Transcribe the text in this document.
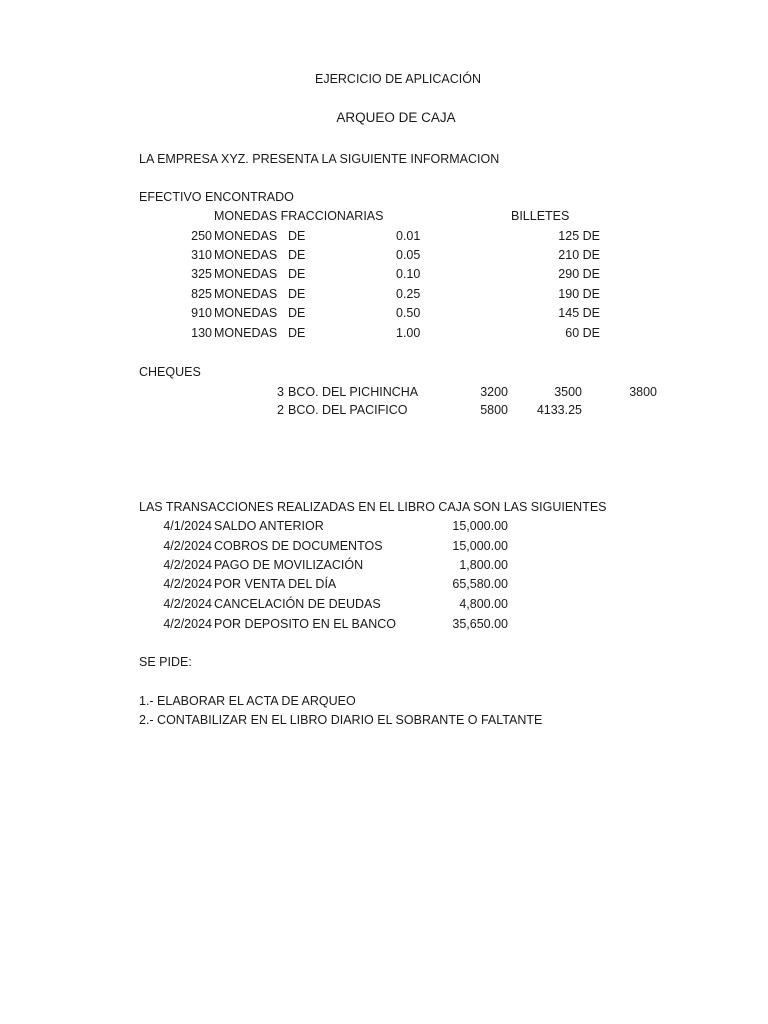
EJERCICIO DE APLICACIÓN
ARQUEO DE CAJA
LA EMPRESA XYZ. PRESENTA LA SIGUIENTE INFORMACION
EFECTIVO ENCONTRADO
MONEDAS FRACCIONARIAS	BILLETES
250 MONEDAS DE	0.01	125 DE
310 MONEDAS DE	0.05	210 DE
325 MONEDAS DE	0.10	290 DE
825 MONEDAS DE	0.25	190 DE
910 MONEDAS DE	0.50	145 DE
130 MONEDAS DE	1.00	60 DE
CHEQUES
3 BCO. DEL PICHINCHA	3200	3500	3800
2 BCO. DEL PACIFICO	5800	4133.25
LAS TRANSACCIONES REALIZADAS EN EL LIBRO CAJA SON LAS SIGUIENTES
4/1/2024 SALDO ANTERIOR	15,000.00
4/2/2024 COBROS DE DOCUMENTOS	15,000.00
4/2/2024 PAGO DE MOVILIZACIÓN	1,800.00
4/2/2024 POR VENTA DEL DÍA	65,580.00
4/2/2024 CANCELACIÓN DE DEUDAS	4,800.00
4/2/2024 POR DEPOSITO EN EL BANCO	35,650.00
SE PIDE:
1.- ELABORAR EL ACTA DE ARQUEO
2.- CONTABILIZAR EN EL LIBRO DIARIO EL SOBRANTE O FALTANTE
